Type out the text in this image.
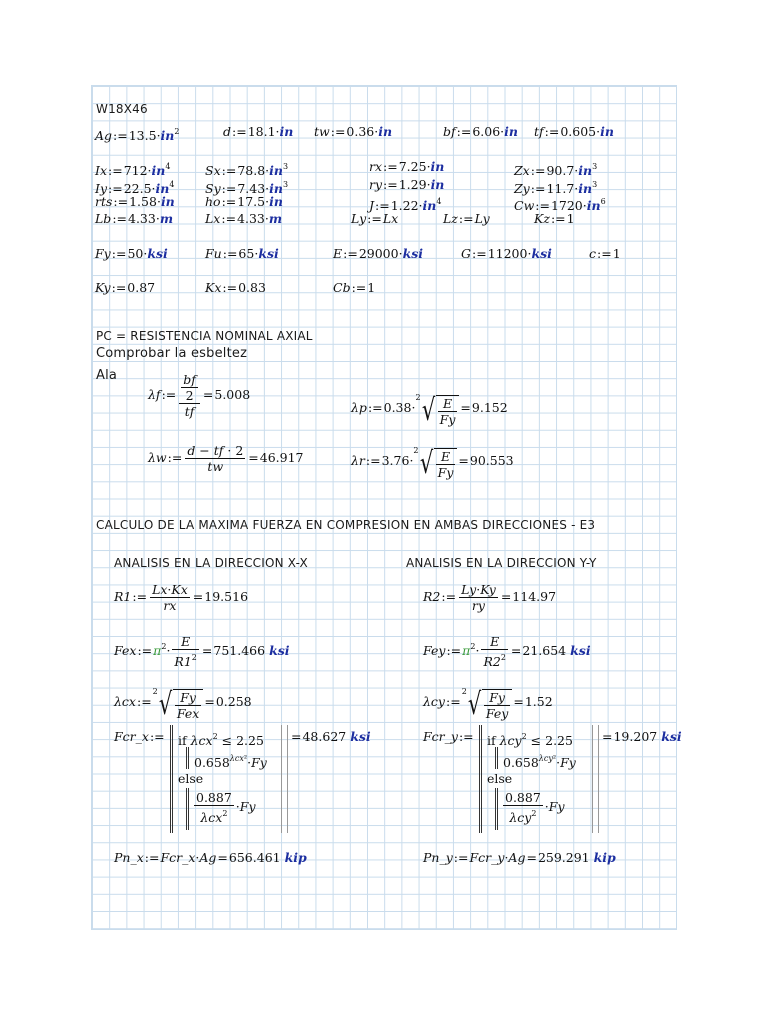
W18X46
$Ag:=13.5\cdot in^2$	d:=18.1·in tw:=0.36·in	bf:=6.06·in tf:=0.605·in
$Ix:=712\cdot in^4$	$Sx:=78.8\cdot in^3$	rx:=7.25·in	$Zx:=90.7\cdot in^3$
$Iy:=22.5\cdot in^4$ $Sy:=7.43\cdot in^3$	ry:=1.29·in	$Zy:=11.7\cdot in^3$
rts:=1.58·in ho:=17.5·in	$J:=1.22\cdot in^4$	$Cw:=1720\cdot in^6$
Lb:=4.33·m	Lx:=4.33·m	Ly:=Lx	Lz:=Ly	Kz:=1
Fy:=50·ksi	Fu:=65·ksi	E:=29000·ksi	G:=11200·ksi	c:=1
Ky:=0.87	Kx:=0.83	Cb:=1
PC = RESISTENCIA NOMINAL AXIAL
Comprobar la esbeltez
Ala
λf:= $\frac{\frac{bf}{2}}{tf} =5.008$
λp:=0.38·$^2$√ $\frac{E}{Fy} =9.152$
λw:= $\frac{d - tf \cdot 2}{tw} =46.917$	λr:=3.76·$^2$√ $\frac{E}{Fy} =90.553$
CALCULO DE LA MAXIMA FUERZA EN COMPRESION EN AMBAS DIRECCIONES - E3
ANALISIS EN LA DIRECCION X-X	ANALISIS EN LA DIRECCION Y-Y
R1:= $\frac{Lx\cdot Kx}{rx} =19.516$	R2:= $\frac{Ly\cdot Ky}{ry} =114.97$
$Fex:=\pi^2\cdot \frac{E}{R1^2} =751.466$ ksi	$Fey:=\pi^2\cdot \frac{E}{R2^2} =21.654$ ksi
λcx:=$^2$√ $\frac{Fy}{\text{Fex}} =0.258$	λcy:=$^2$√ $\frac{Fy}{\text{Fey}} =1.52$
Fcr_x:= if λcx$^2$ ≤ 2.25
$0.658^{\lambda cx^2}\cdot Fy$
else
$\frac{0.887}{\lambda cx^2} \cdot Fy$
=48.627 ksi	Fcr_y:= if λcy$^2$ ≤ 2.25
$0.658^{\lambda cy^2}\cdot Fy$
else
$\frac{0.887}{\lambda cy^2} \cdot Fy$
=19.207 ksi
Pn_x:=Fcr_x·Ag=656.461 kip	Pn_y:=Fcr_y·Ag=259.291 kip
